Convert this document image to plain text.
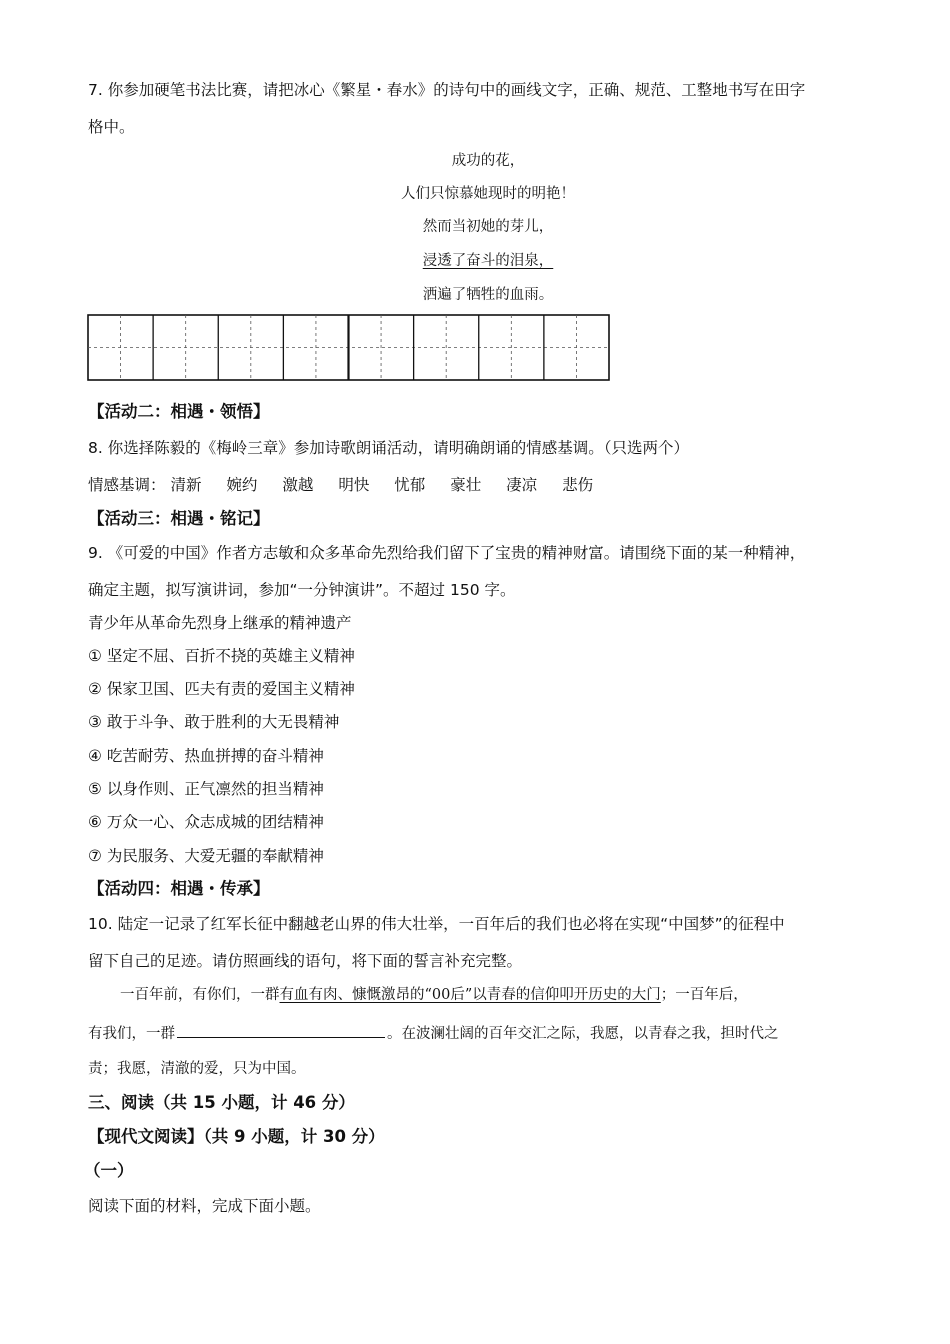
7. 你参加硬笔书法比赛，请把冰心《繁星・春水》的诗句中的画线文字，正确、规范、工整地书写在田字
格中。
成功的花，
人们只惊慕她现时的明艳！
然而当初她的芽儿，
浸透了奋斗的泪泉，
洒遍了牺牲的血雨。
【活动二：相遇・领悟】
8. 你选择陈毅的《梅岭三章》参加诗歌朗诵活动，请明确朗诵的情感基调。（只选两个）
情感基调： 清新 婉约 激越 明快 忧郁 豪壮 凄凉 悲伤
【活动三：相遇・铭记】
9. 《可爱的中国》作者方志敏和众多革命先烈给我们留下了宝贵的精神财富。请围绕下面的某一种精神，
确定主题，拟写演讲词，参加“一分钟演讲”。不超过 150 字。
青少年从革命先烈身上继承的精神遗产
① 坚定不屈、百折不挠的英雄主义精神
② 保家卫国、匹夫有责的爱国主义精神
③ 敢于斗争、敢于胜利的大无畏精神
④ 吃苦耐劳、热血拼搏的奋斗精神
⑤ 以身作则、正气凛然的担当精神
⑥ 万众一心、众志成城的团结精神
⑦ 为民服务、大爱无疆的奉献精神
【活动四：相遇・传承】
10. 陆定一记录了红军长征中翻越老山界的伟大壮举，一百年后的我们也必将在实现“中国梦”的征程中
留下自己的足迹。请仿照画线的语句，将下面的誓言补充完整。
一百年前，有你们，一群有血有肉、慷慨激昂的“00后”以青春的信仰叩开历史的大门；一百年后，
有我们，一群	。在波澜壮阔的百年交汇之际，我愿，以青春之我，担时代之
责；我愿，清澈的爱，只为中国。
三、阅读（共 15 小题，计 46 分）
【现代文阅读】（共 9 小题，计 30 分）
（一）
阅读下面的材料，完成下面小题。
